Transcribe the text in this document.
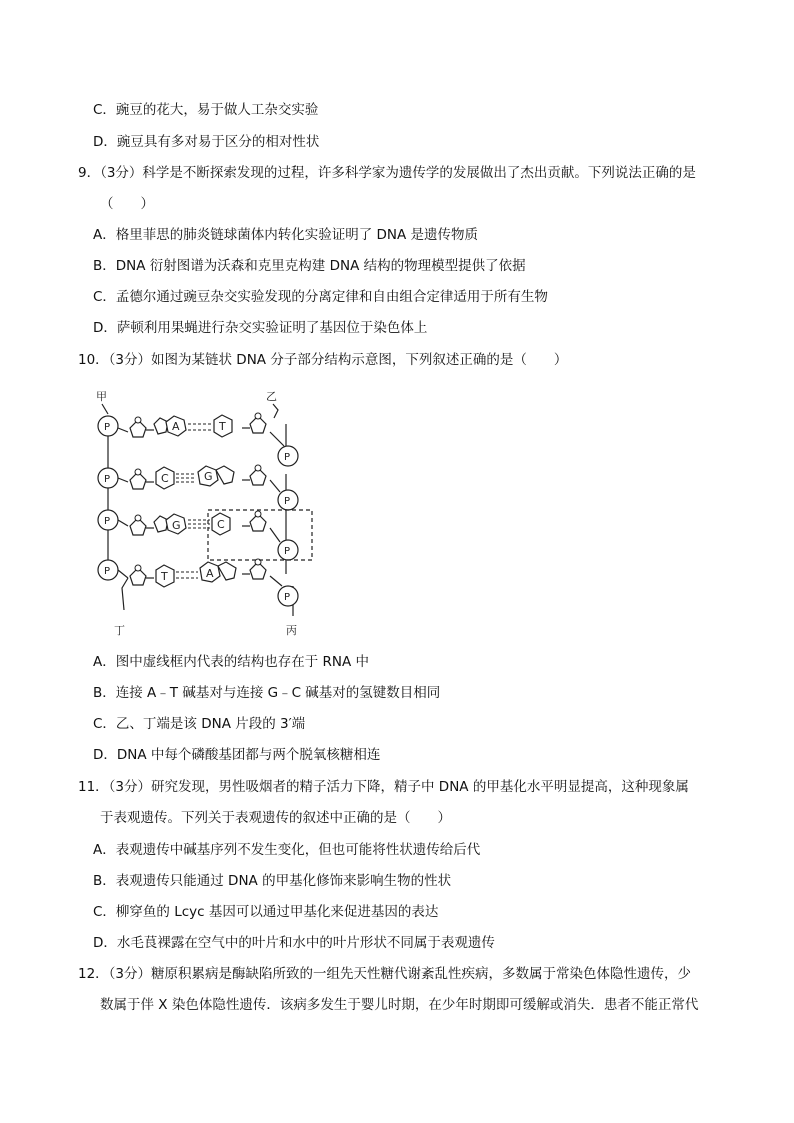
C．豌豆的花大，易于做人工杂交实验
D．豌豆具有多对易于区分的相对性状
9．（3分）科学是不断探索发现的过程，许多科学家为遗传学的发展做出了杰出贡献。下列说法正确的是
（　　）
A．格里菲思的肺炎链球菌体内转化实验证明了 DNA 是遗传物质
B．DNA 衍射图谱为沃森和克里克构建 DNA 结构的物理模型提供了依据
C．孟德尔通过豌豆杂交实验发现的分离定律和自由组合定律适用于所有生物
D．萨顿利用果蝇进行杂交实验证明了基因位于染色体上
10．（3分）如图为某链状 DNA 分子部分结构示意图，下列叙述正确的是（　　）
甲	乙
丙
丁
P
P
P
P
P
P
P
P
A	T
C	G
G	C
T	A
A．图中虚线框内代表的结构也存在于 RNA 中
B．连接 A﹣T 碱基对与连接 G﹣C 碱基对的氢键数目相同
C．乙、丁端是该 DNA 片段的 3′端
D．DNA 中每个磷酸基团都与两个脱氧核糖相连
11．（3分）研究发现，男性吸烟者的精子活力下降，精子中 DNA 的甲基化水平明显提高，这种现象属
于表观遗传。下列关于表观遗传的叙述中正确的是（　　）
A．表观遗传中碱基序列不发生变化，但也可能将性状遗传给后代
B．表观遗传只能通过 DNA 的甲基化修饰来影响生物的性状
C．柳穿鱼的 Lcyc 基因可以通过甲基化来促进基因的表达
D．水毛茛裸露在空气中的叶片和水中的叶片形状不同属于表观遗传
12．（3分）糖原积累病是酶缺陷所致的一组先天性糖代谢紊乱性疾病，多数属于常染色体隐性遗传，少
数属于伴 X 染色体隐性遗传．该病多发生于婴儿时期，在少年时期即可缓解或消失．患者不能正常代
